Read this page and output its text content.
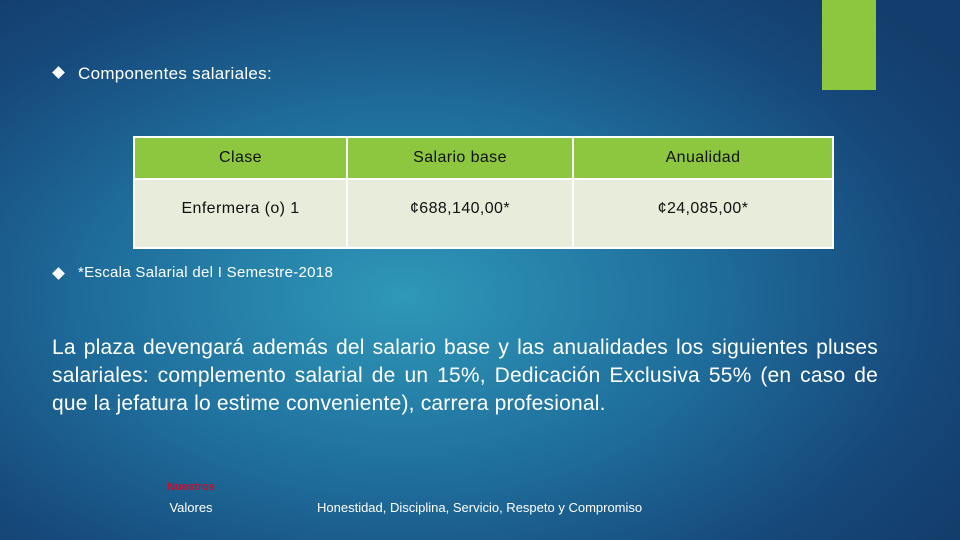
Componentes salariales:
Clase	Salario base	Anualidad
Enfermera (o) 1	¢688,140,00*	¢24,085,00*
*Escala Salarial del I Semestre-2018
La plaza devengará además del salario base y las anualidades los siguientes pluses salariales: complemento salarial de un 15%, Dedicación Exclusiva 55% (en caso de que la jefatura lo estime conveniente), carrera profesional.
Nuestros
Valores	Honestidad, Disciplina, Servicio, Respeto y Compromiso
